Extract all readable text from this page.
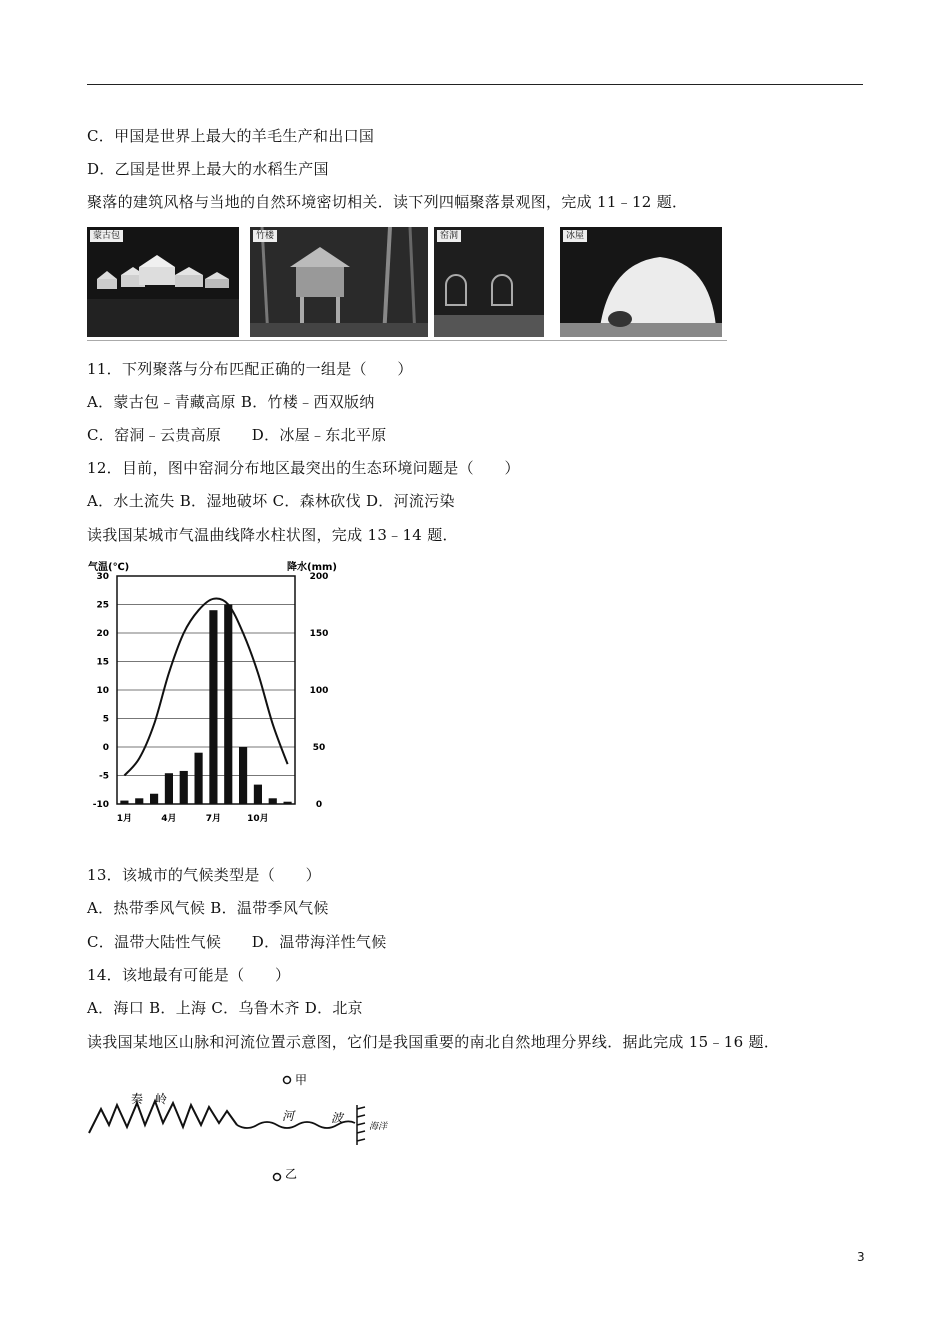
C．甲国是世界上最大的羊毛生产和出口国
D．乙国是世界上最大的水稻生产国
聚落的建筑风格与当地的自然环境密切相关．读下列四幅聚落景观图，完成 11﹣12 题．
蒙古包	竹楼	窑洞	冰屋
11．下列聚落与分布匹配正确的一组是（　　）
A．蒙古包﹣青藏高原 B．竹楼﹣西双版纳
C．窑洞﹣云贵高原　　D．冰屋﹣东北平原
12．目前，图中窑洞分布地区最突出的生态环境问题是（　　）
A．水土流失 B．湿地破坏 C．森林砍伐 D．河流污染
读我国某城市气温曲线降水柱状图，完成 13﹣14 题．
气温(℃)	降水(mm)
30
25
20
15
10
5
0
-5
-10
200
150
100
50
0
1月	4月	7月	10月
13．该城市的气候类型是（　　）
A．热带季风气候 B．温带季风气候
C．温带大陆性气候　　D．温带海洋性气候
14．该地最有可能是（　　）
A．海口 B．上海 C．乌鲁木齐 D．北京
读我国某地区山脉和河流位置示意图，它们是我国重要的南北自然地理分界线．据此完成 15﹣16 题．
秦　岭
河	波
海洋
甲
乙
3
